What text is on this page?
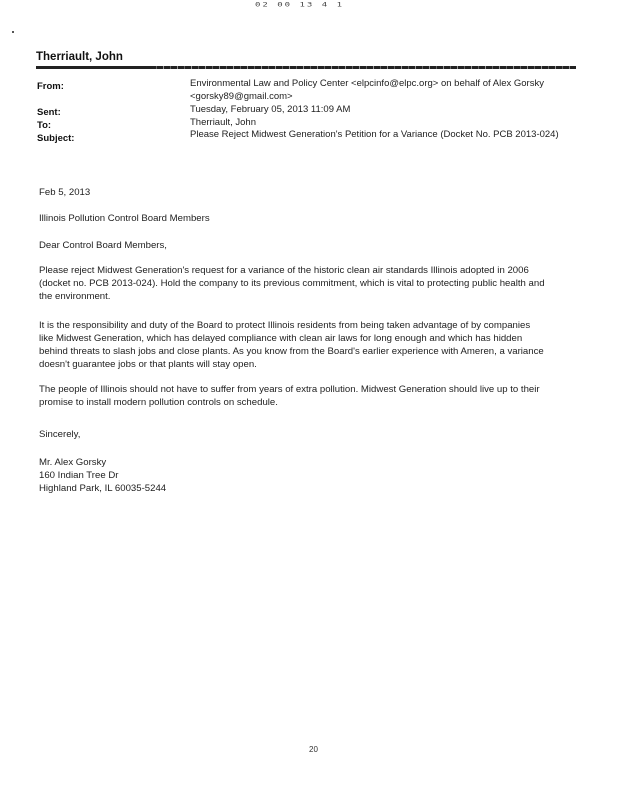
02 00 13 4 1
Therriault, John
From:	Environmental Law and Policy Center <elpcinfo@elpc.org> on behalf of Alex Gorsky
<gorsky89@gmail.com>
Sent:	Tuesday, February 05, 2013 11:09 AM
To:	Therriault, John
Subject:	Please Reject Midwest Generation's Petition for a Variance (Docket No. PCB 2013-024)
Feb 5, 2013
Illinois Pollution Control Board Members
Dear Control Board Members,
Please reject Midwest Generation's request for a variance of the historic clean air standards Illinois adopted in 2006
(docket no. PCB 2013-024). Hold the company to its previous commitment, which is vital to protecting public health and
the environment.
It is the responsibility and duty of the Board to protect Illinois residents from being taken advantage of by companies
like Midwest Generation, which has delayed compliance with clean air laws for long enough and which has hidden
behind threats to slash jobs and close plants. As you know from the Board's earlier experience with Ameren, a variance
doesn't guarantee jobs or that plants will stay open.
The people of Illinois should not have to suffer from years of extra pollution. Midwest Generation should live up to their
promise to install modern pollution controls on schedule.
Sincerely,
Mr. Alex Gorsky
160 Indian Tree Dr
Highland Park, IL 60035-5244
20
